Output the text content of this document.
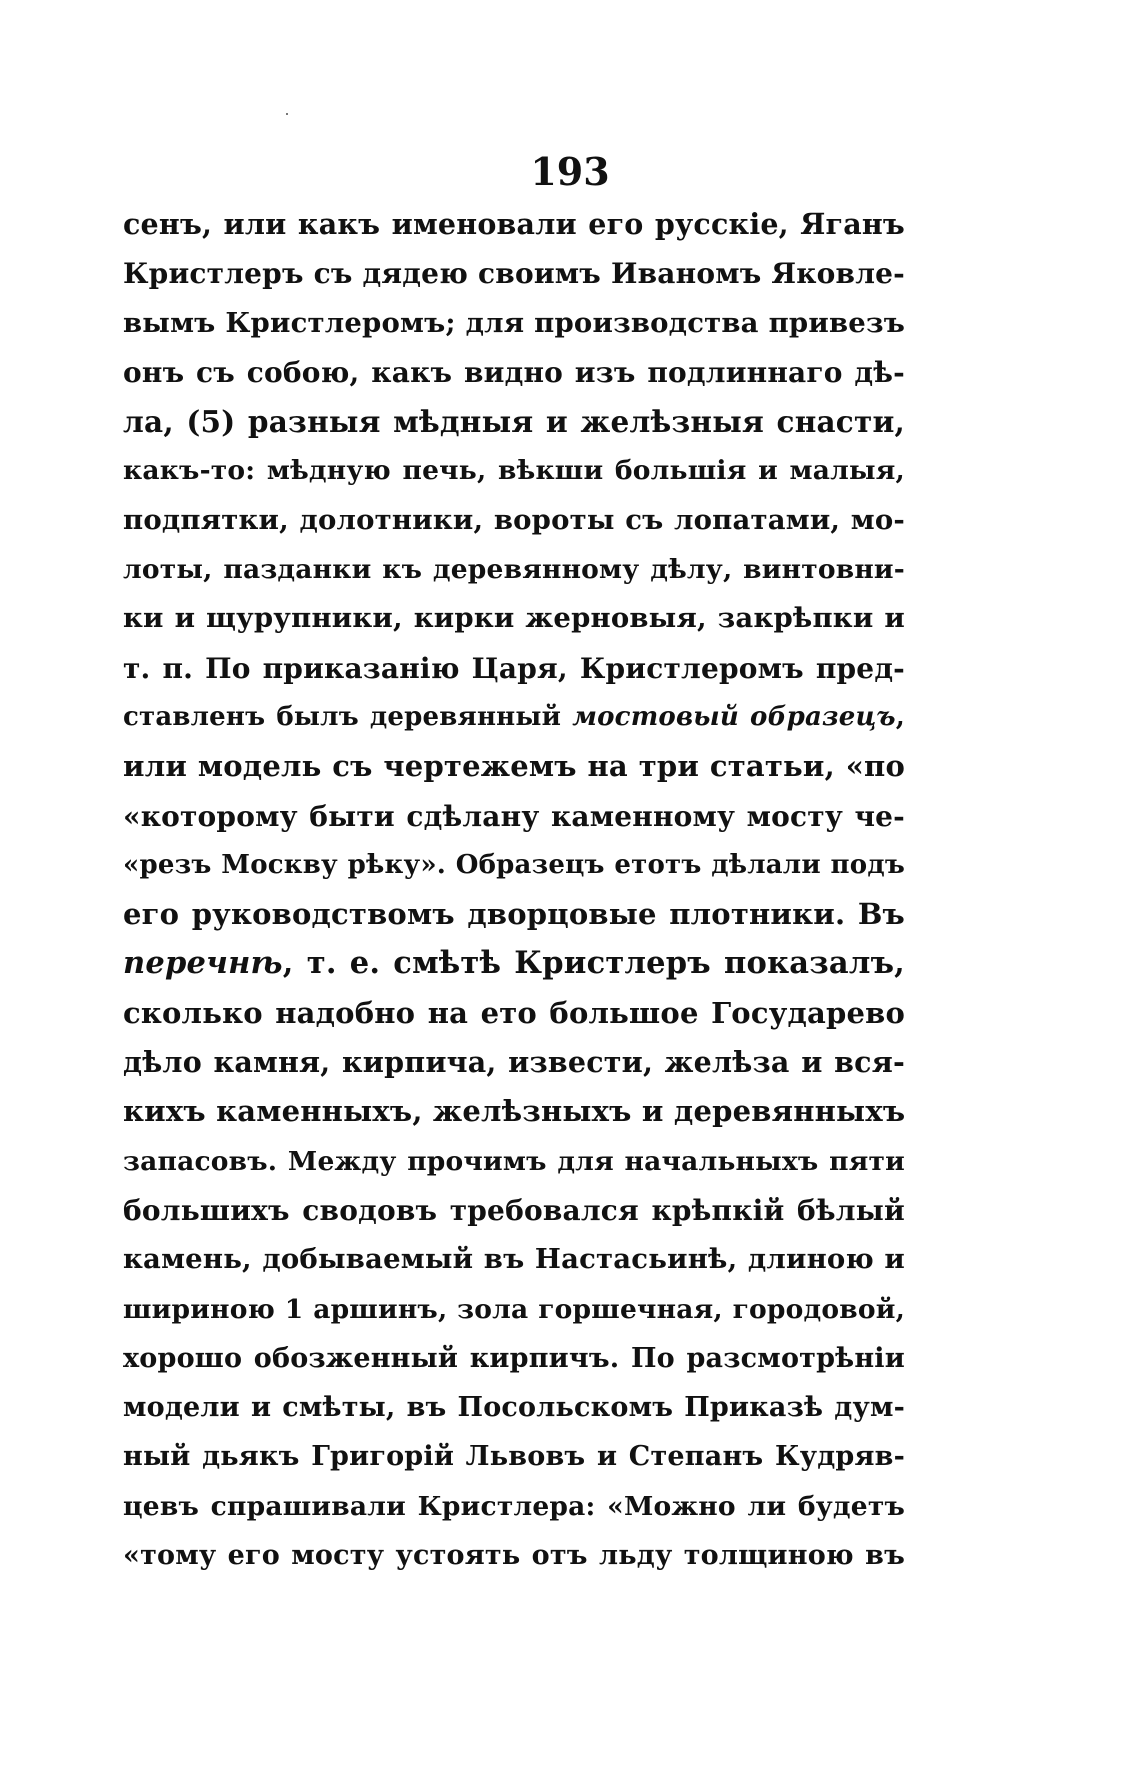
193
сенъ, или какъ именовали его русскіе, Яганъ
Кристлеръ съ дядею своимъ Иваномъ Яковле-
вымъ Кристлеромъ; для производства привезъ
онъ съ собою, какъ видно изъ подлиннаго дѣ-
ла, (5) разныя мѣдныя и желѣзныя снасти,
какъ-то: мѣдную печь, вѣкши большія и малыя,
подпятки, долотники, вороты съ лопатами, мо-
лоты, пазданки къ деревянному дѣлу, винтовни-
ки и щурупники, кирки жерновыя, закрѣпки и
т. п. По приказанію Царя, Кристлеромъ пред-
ставленъ былъ деревянный мостовый образецъ,
или модель съ чертежемъ на три статьи, «по
«которому быти сдѣлану каменному мосту че-
«резъ Москву рѣку». Образецъ етотъ дѣлали подъ
его руководствомъ дворцовые плотники. Въ
перечнѣ, т. е. смѣтѣ Кристлеръ показалъ,
сколько надобно на ето большое Государево
дѣло камня, кирпича, извести, желѣза и вся-
кихъ каменныхъ, желѣзныхъ и деревянныхъ
запасовъ. Между прочимъ для начальныхъ пяти
большихъ сводовъ требовался крѣпкій бѣлый
камень, добываемый въ Настасьинѣ, длиною и
шириною 1 аршинъ, зола горшечная, городовой,
хорошо обозженный кирпичъ. По разсмотрѣніи
модели и смѣты, въ Посольскомъ Приказѣ дум-
ный дьякъ Григорій Львовъ и Степанъ Кудряв-
цевъ спрашивали Кристлера: «Можно ли будетъ
«тому его мосту устоять отъ льду толщиною въ
